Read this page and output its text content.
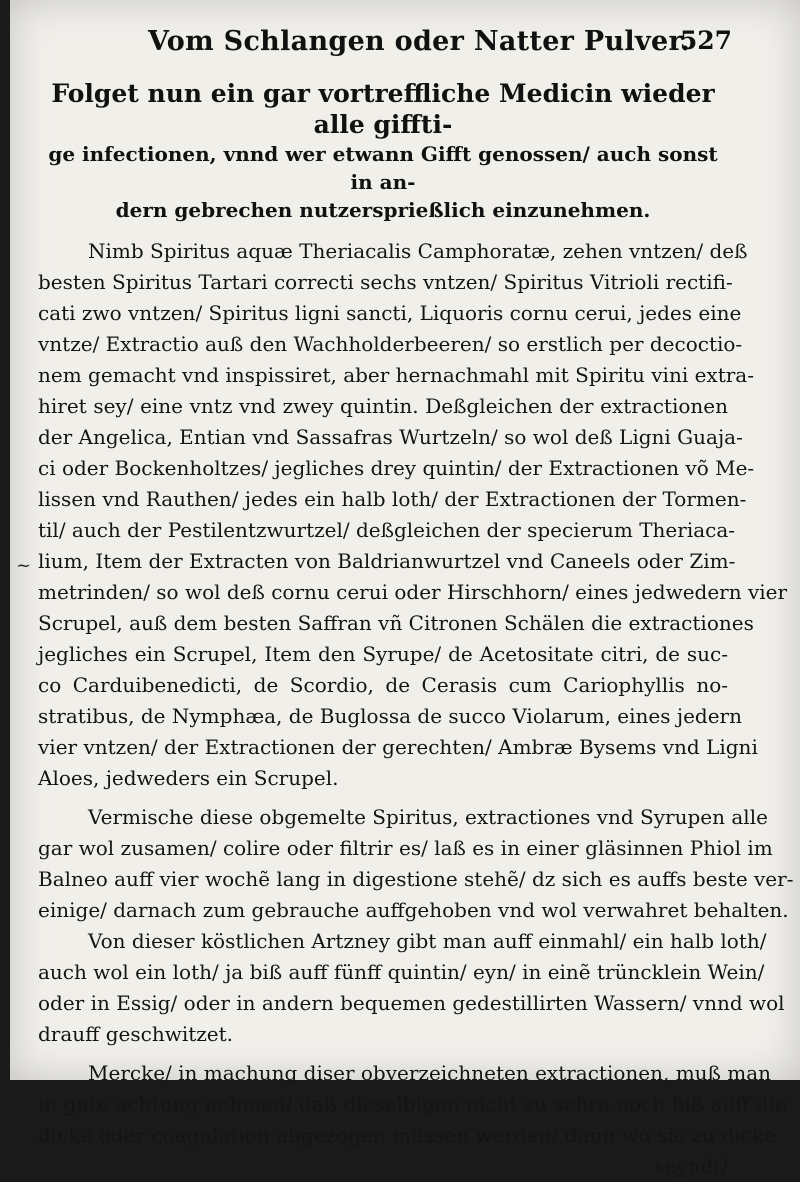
Vom Schlangen oder Natter Pulver.
527
Folget nun ein gar vortreffliche Medicin wieder alle giffti-
ge infectionen, vnnd wer etwann Gifft genossen/ auch sonst in an-
dern gebrechen nutzersprießlich einzunehmen.
Nimb Spiritus aquæ Theriacalis Camphoratæ, zehen vntzen/ deß
besten Spiritus Tartari correcti sechs vntzen/ Spiritus Vitrioli rectifi-
cati zwo vntzen/ Spiritus ligni sancti, Liquoris cornu cerui, jedes eine
vntze/ Extractio auß den Wachholderbeeren/ so erstlich per decoctio-
nem gemacht vnd inspissiret, aber hernachmahl mit Spiritu vini extra-
hiret sey/ eine vntz vnd zwey quintin. Deßgleichen der extractionen
der Angelica, Entian vnd Sassafras Wurtzeln/ so wol deß Ligni Guaja-
ci oder Bockenholtzes/ jegliches drey quintin/ der Extractionen võ Me-
lissen vnd Rauthen/ jedes ein halb loth/ der Extractionen der Tormen-
til/ auch der Pestilentzwurtzel/ deßgleichen der specierum Theriaca-
lium, Item der Extracten von Baldrianwurtzel vnd Caneels oder Zim-
metrinden/ so wol deß cornu cerui oder Hirschhorn/ eines jedwedern vier
Scrupel, auß dem besten Saffran vñ Citronen Schälen die extractiones
jegliches ein Scrupel, Item den Syrupe/ de Acetositate citri, de suc-
co Carduibenedicti, de Scordio, de Cerasis cum Cariophyllis no-
stratibus, de Nymphæa, de Buglossa de succo Violarum, eines jedern
vier vntzen/ der Extractionen der gerechten/ Ambræ Bysems vnd Ligni
Aloes, jedweders ein Scrupel.
Vermische diese obgemelte Spiritus, extractiones vnd Syrupen alle
gar wol zusamen/ colire oder filtrir es/ laß es in einer gläsinnen Phiol im
Balneo auff vier wochẽ lang in digestione stehẽ/ dz sich es auffs beste ver-
einige/ darnach zum gebrauche auffgehoben vnd wol verwahret behalten.
Von dieser köstlichen Artzney gibt man auff einmahl/ ein halb loth/
auch wol ein loth/ ja biß auff fünff quintin/ eyn/ in einẽ trüncklein Wein/
oder in Essig/ oder in andern bequemen gedestillirten Wassern/ vnnd wol
drauff geschwitzet.
Mercke/ in machung diser obverzeichneten extractionen, muß man
in gute achtung nehmen/ daß dieselbigen nicht zu sehre noch biß auff die
dicke oder coagulation abgezogen müssen werden/ dann wo sie zu dicke
seyndt/
~
